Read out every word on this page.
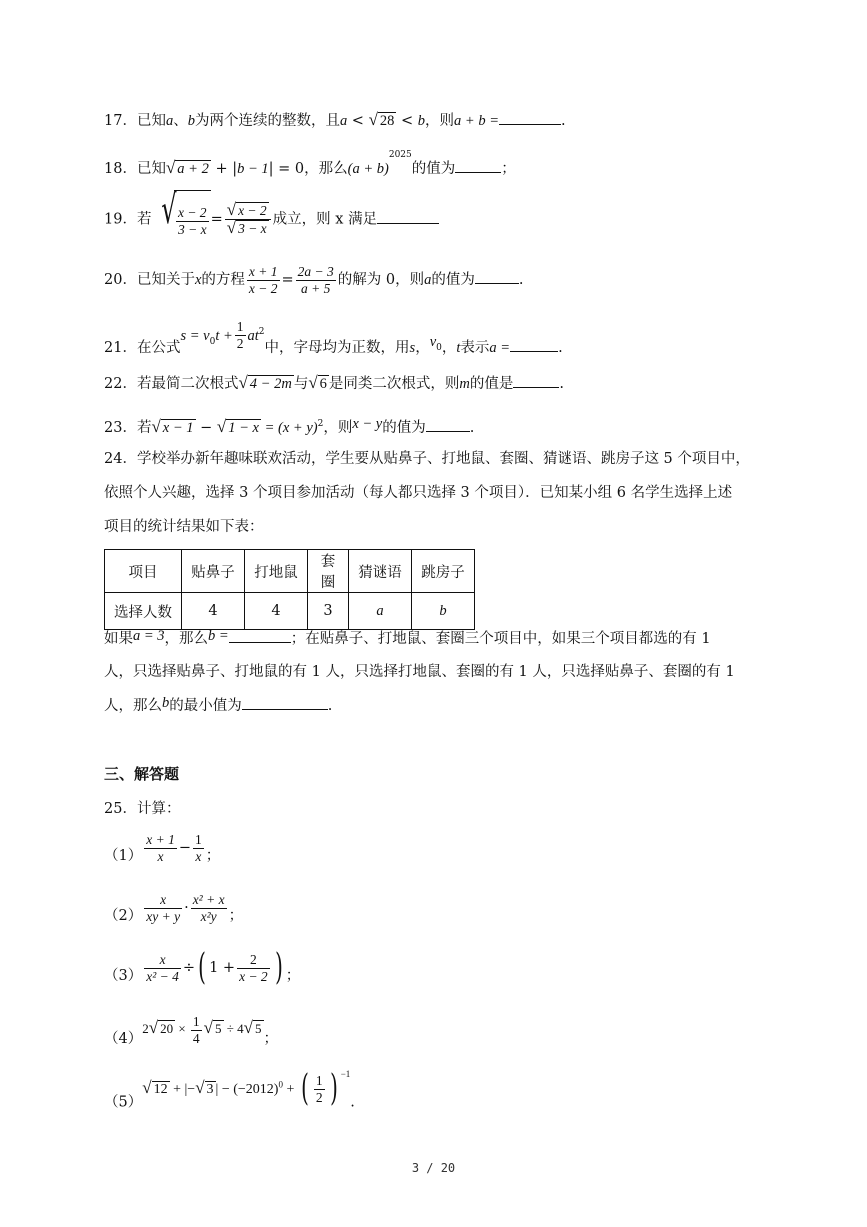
17．已知a、b为两个连续的整数，且a < √ 28 < b，则a + b =	.
18．已知√ a + 2 + |b − 1| = 0，那么$(a + b)^{2025}$的值为	；
19．若 √ $\frac{x - 2}{3 - x} = \frac{√ x - 2}{√ 3 - x}$ 成立，则 x 满足
20．已知关于x的方程 $\frac{x + 1}{x - 2} = \frac{2a - 3}{a + 5}$ 的解为 0，则a的值为	.
21．在公式$s = v_0t + \frac{1}{2} at^2$中，字母均为正数，用s，$v_0$，t表示a =	.
22．若最简二次根式√ 4 − 2m 与√ 6 是同类二次根式，则m的值是	.
23．若√ x − 1 − √ $1 - x = (x + y)^2$，则x − y的值为	.
24．学校举办新年趣味联欢活动，学生要从贴鼻子、打地鼠、套圈、猜谜语、跳房子这 5 个项目中，
依照个人兴趣，选择 3 个项目参加活动（每人都只选择 3 个项目）．已知某小组 6 名学生选择上述
项目的统计结果如下表：
项目	贴鼻子	打地鼠	套圈	猜谜语	跳房子
选择人数	4	4	3	a	b
如果a = 3，那么b =	；在贴鼻子、打地鼠、套圈三个项目中，如果三个项目都选的有 1
人，只选择贴鼻子、打地鼠的有 1 人，只选择打地鼠、套圈的有 1 人，只选择贴鼻子、套圈的有 1
人，那么b的最小值为	.
三、解答题
25．计算：
$(1) \frac{x + 1}{x} - \frac{1}{x}$ ；
$(2) \frac{x}{xy + y} \cdot \frac{\text{x² + x}}{\text{x²y}}$ ；
$(3) \frac{x}{\text{x² − 4}}$ ÷( $1 + \frac{2}{x - 2}$ ) ；
（4）2√ $20 \times \frac{1}{4}$ √ 5 ÷ 4√ 5；
（5）√ 12 + |−√ 3 | − $(-2012)^0$ + ( $\frac{1}{2}$ ) $^{-1}$.
3 / 20
